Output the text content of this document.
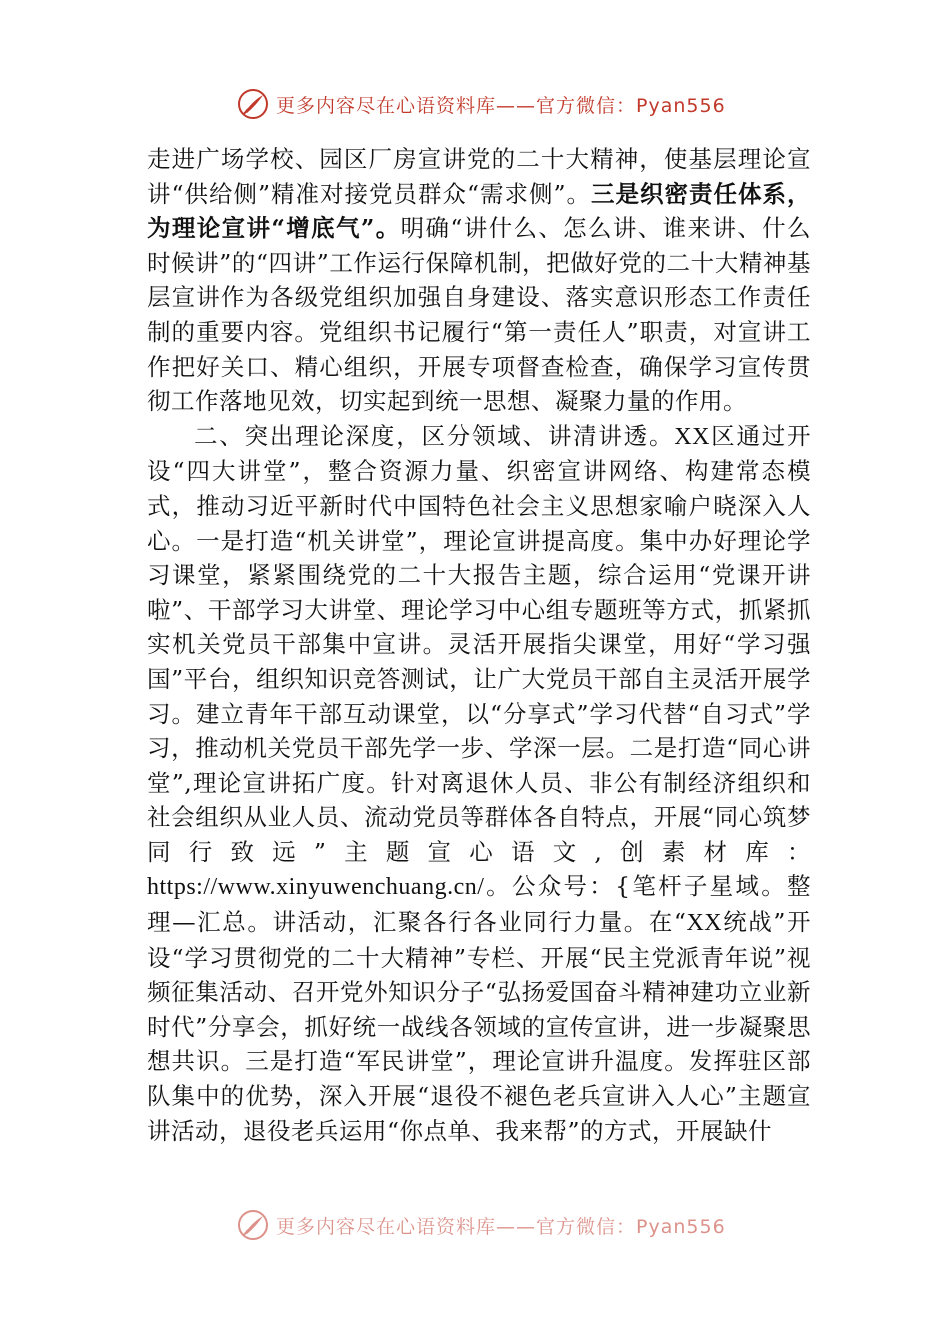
更多内容尽在心语资料库——官方微信：Pyan556

走进广场学校、园区厂房宣讲党的二十大精神，使基层理论宣讲“供给侧”精准对接党员群众“需求侧”。三是织密责任体系，为理论宣讲“增底气”。明确“讲什么、怎么讲、谁来讲、什么时候讲”的“四讲”工作运行保障机制，把做好党的二十大精神基层宣讲作为各级党组织加强自身建设、落实意识形态工作责任制的重要内容。党组织书记履行“第一责任人”职责，对宣讲工作把好关口、精心组织，开展专项督查检查，确保学习宣传贯彻工作落地见效，切实起到统一思想、凝聚力量的作用。

二、突出理论深度，区分领域、讲清讲透。XX区通过开设“四大讲堂”，整合资源力量、织密宣讲网络、构建常态模式，推动习近平新时代中国特色社会主义思想家喻户晓深入人心。一是打造“机关讲堂”，理论宣讲提高度。集中办好理论学习课堂，紧紧围绕党的二十大报告主题，综合运用“党课开讲啦”、干部学习大讲堂、理论学习中心组专题班等方式，抓紧抓实机关党员干部集中宣讲。灵活开展指尖课堂，用好“学习强国”平台，组织知识竞答测试，让广大党员干部自主灵活开展学习。建立青年干部互动课堂，以“分享式”学习代替“自习式”学习，推动机关党员干部先学一步、学深一层。二是打造“同心讲堂”,理论宣讲拓广度。针对离退休人员、非公有制经济组织和社会组织从业人员、流动党员等群体各自特点，开展“同心筑梦同行致远”主题宣心语文,创素材库：https://www.xinyuwenchuang.cn/。公众号：{笔杆子星域。整理—汇总。讲活动，汇聚各行各业同行力量。在“XX统战”开设“学习贯彻党的二十大精神”专栏、开展“民主党派青年说”视频征集活动、召开党外知识分子“弘扬爱国奋斗精神建功立业新时代”分享会，抓好统一战线各领域的宣传宣讲，进一步凝聚思想共识。三是打造“军民讲堂”，理论宣讲升温度。发挥驻区部队集中的优势，深入开展“退役不褪色老兵宣讲入人心”主题宣讲活动，退役老兵运用“你点单、我来帮”的方式，开展缺什

更多内容尽在心语资料库——官方微信：Pyan556
